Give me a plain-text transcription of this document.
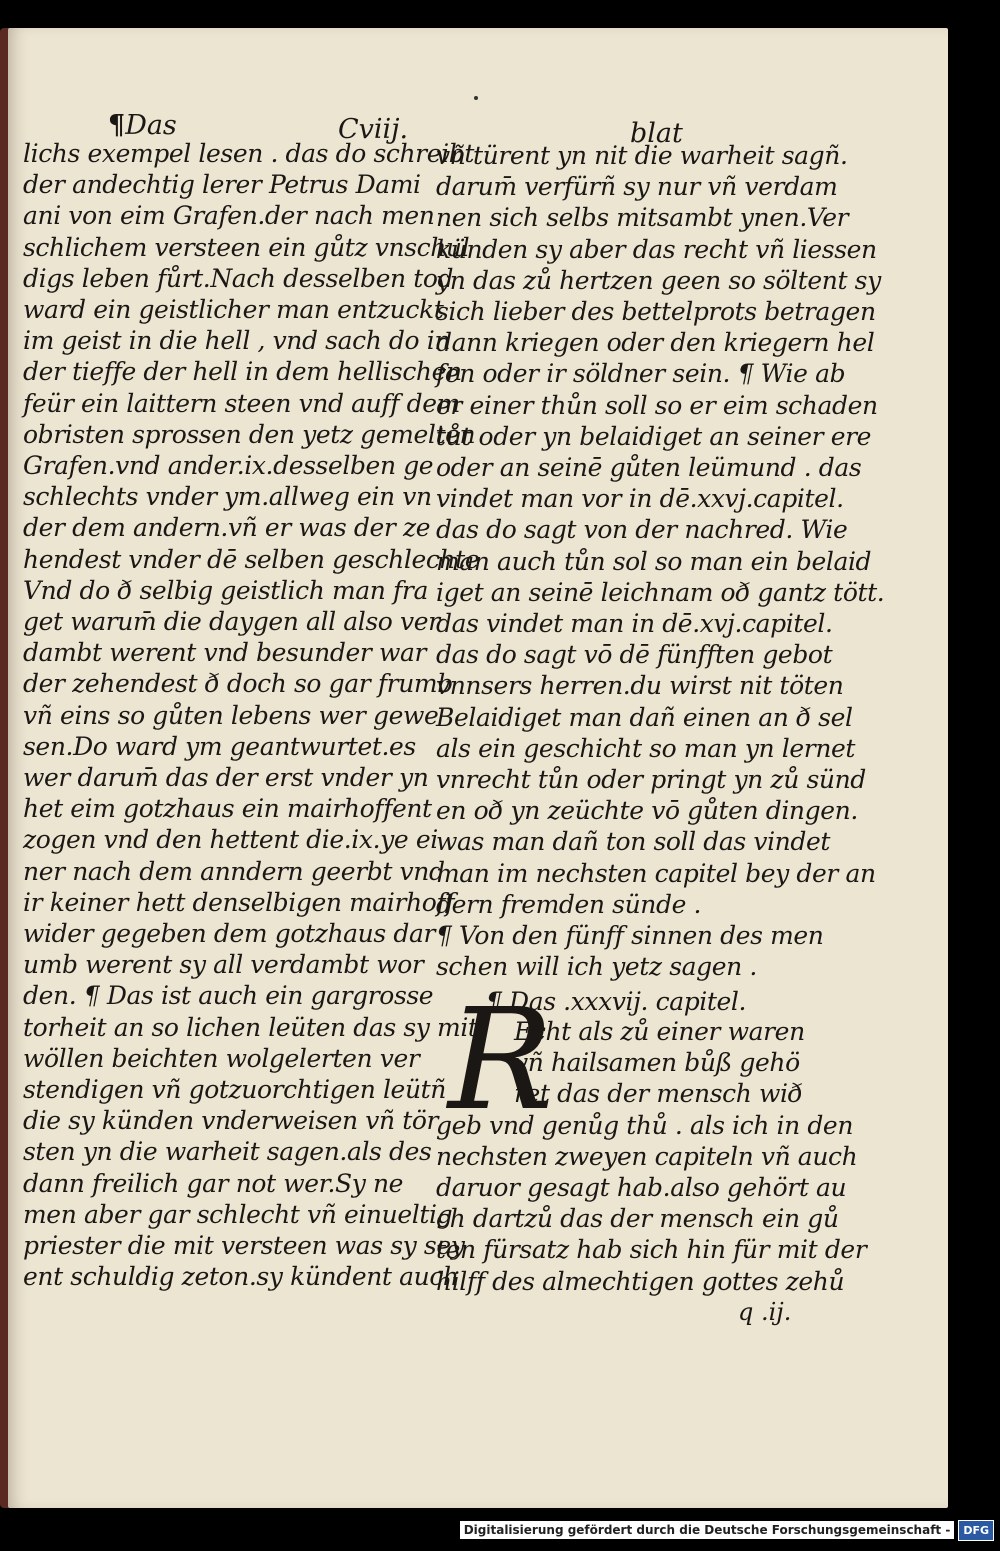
¶Das	Cviij.	blat
lichs exempel lesen . das do schreibt
der andechtig lerer Petrus Dami
ani von eim Grafen.der nach men
schlichem versteen ein gůtz vnschul
digs leben fůrt.Nach desselben tod
ward ein geistlicher man entzuckt
im geist in die hell , vnd sach do in
der tieffe der hell in dem hellischen
feür ein laittern steen vnd auff dem
obristen sprossen den yetz gemelten
Grafen.vnd ander.ix.desselben ge
schlechts vnder ym.allweg ein vn
der dem andern.vñ er was der ze
hendest vnder dē selben geschlechte
Vnd do ð selbig geistlich man fra
get warum̄ die daygen all also ver
dambt werent vnd besunder war
der zehendest ð doch so gar frumb
vñ eins so gůten lebens wer gewe
sen.Do ward ym geantwurtet.es
wer darum̄ das der erst vnder yn
het eim gotzhaus ein mairhoffent
zogen vnd den hettent die.ix.ye ei
ner nach dem anndern geerbt vnd
ir keiner hett denselbigen mairhoff
wider gegeben dem gotzhaus dar
umb werent sy all verdambt wor
den. ¶ Das ist auch ein gargrosse
torheit an so lichen leüten das sy mit
wöllen beichten wolgelerten ver
stendigen vñ gotzuorchtigen leütñ
die sy künden vnderweisen vñ tör
sten yn die warheit sagen.als des
dann freilich gar not wer.Sy ne
men aber gar schlecht vñ einueltig
priester die mit versteen was sy sey
ent schuldig zeton.sy kündent auch
vñ türent yn nit die warheit sagñ.
darum̄ verfürñ sy nur vñ verdam
nen sich selbs mitsambt ynen.Ver
künden sy aber das recht vñ liessen
yn das zů hertzen geen so söltent sy
sich lieber des bettelprots betragen
dann kriegen oder den kriegern hel
fen oder ir söldner sein. ¶ Wie ab
er einer thůn soll so er eim schaden
tůt oder yn belaidiget an seiner ere
oder an seinē gůten leümund . das
vindet man vor in dē.xxvj.capitel.
das do sagt von der nachred. Wie
man auch tůn sol so man ein belaid
iget an seinē leichnam oð gantz tött.
das vindet man in dē.xvj.capitel.
das do sagt vō dē fünfften gebot
vnnsers herren.du wirst nit töten
Belaidiget man dañ einen an ð sel
als ein geschicht so man yn lernet
vnrecht tůn oder pringt yn zů sünd
en oð yn zeüchte vō gůten dingen.
was man dañ ton soll das vindet
man im nechsten capitel bey der an
dern fremden sünde .
¶ Von den fünff sinnen des men
schen will ich yetz sagen .
Echt als zů einer waren
vñ hailsamen bůß gehö
ret das der mensch wið
geb vnd genůg thů . als ich in den
nechsten zweyen capiteln vñ auch
daruor gesagt hab.also gehört au
ch dartzů das der mensch ein gů
ten fürsatz hab sich hin für mit der
hilff des almechtigen gottes zehů
¶ Das .xxxvij. capitel.
R
q .ij.
Digitalisierung gefördert durch die Deutsche Forschungsgemeinschaft -	DFG
